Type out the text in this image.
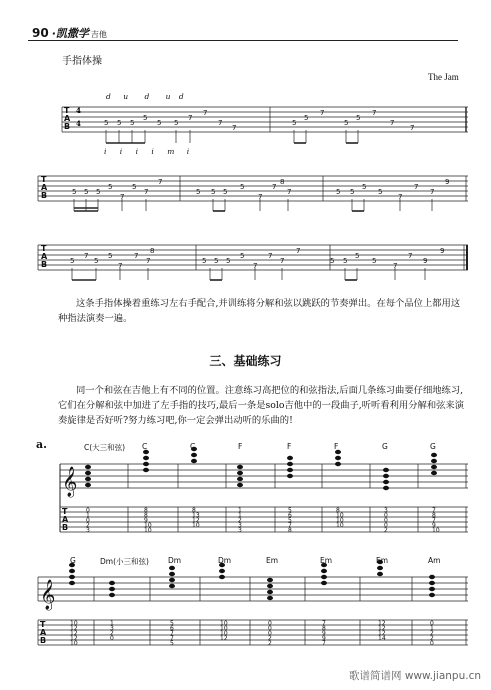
90 ·凯撒学 吉他
手指体操
The Jam
T
A
B
T
A
B
T
A
B
T
A
B
T
A
B
4
4
𝄞
𝄞
5 5 5
5
5 5
7
7
7
7
5
5
7
5
5
7
7
7
5 5 5
5
7
5
7
7
5 5 5
5
7
7
8
7	5 5
5
5
7
7
7
9
5
7
5
5
7
7
7
8
5 5 5
5
7
7
7
7
5 5
5
5
7
7
9
9
0
1
0
2
3
8
8
9
10
10
8
13
12
10
1
1
2
3
3
5
6
5
7
8
8
10
10
10
3
0
0
0
2
7
8
7
9
10
10
12
12
12
10
1
3
2
0
5
6
7
7
5
10
10
10
12
0
0
0
2
2
7
8
9
9
7
12
12
12
14
0
1
2
2
0
d u d u d
i i i i m i
这条手指体操着重练习左右手配合,并训练将分解和弦以跳跃的节奏弹出。在每个品位上都用这种指法演奏一遍。
三、基础练习
同一个和弦在吉他上有不同的位置。注意练习高把位的和弦指法,后面几条练习曲要仔细地练习,它们在分解和弦中加进了左手指的技巧,最后一条是solo吉他中的一段曲子,听听看利用分解和弦来演奏旋律是否好听?努力练习吧,你一定会弹出动听的乐曲的!
a.	C(大三和弦) C	C	F	F	F	G	G
G	Dm(小三和弦)	Dm	Dm	Em	Em	Em	Am
歌谱简谱网 www.jianpu.cn
